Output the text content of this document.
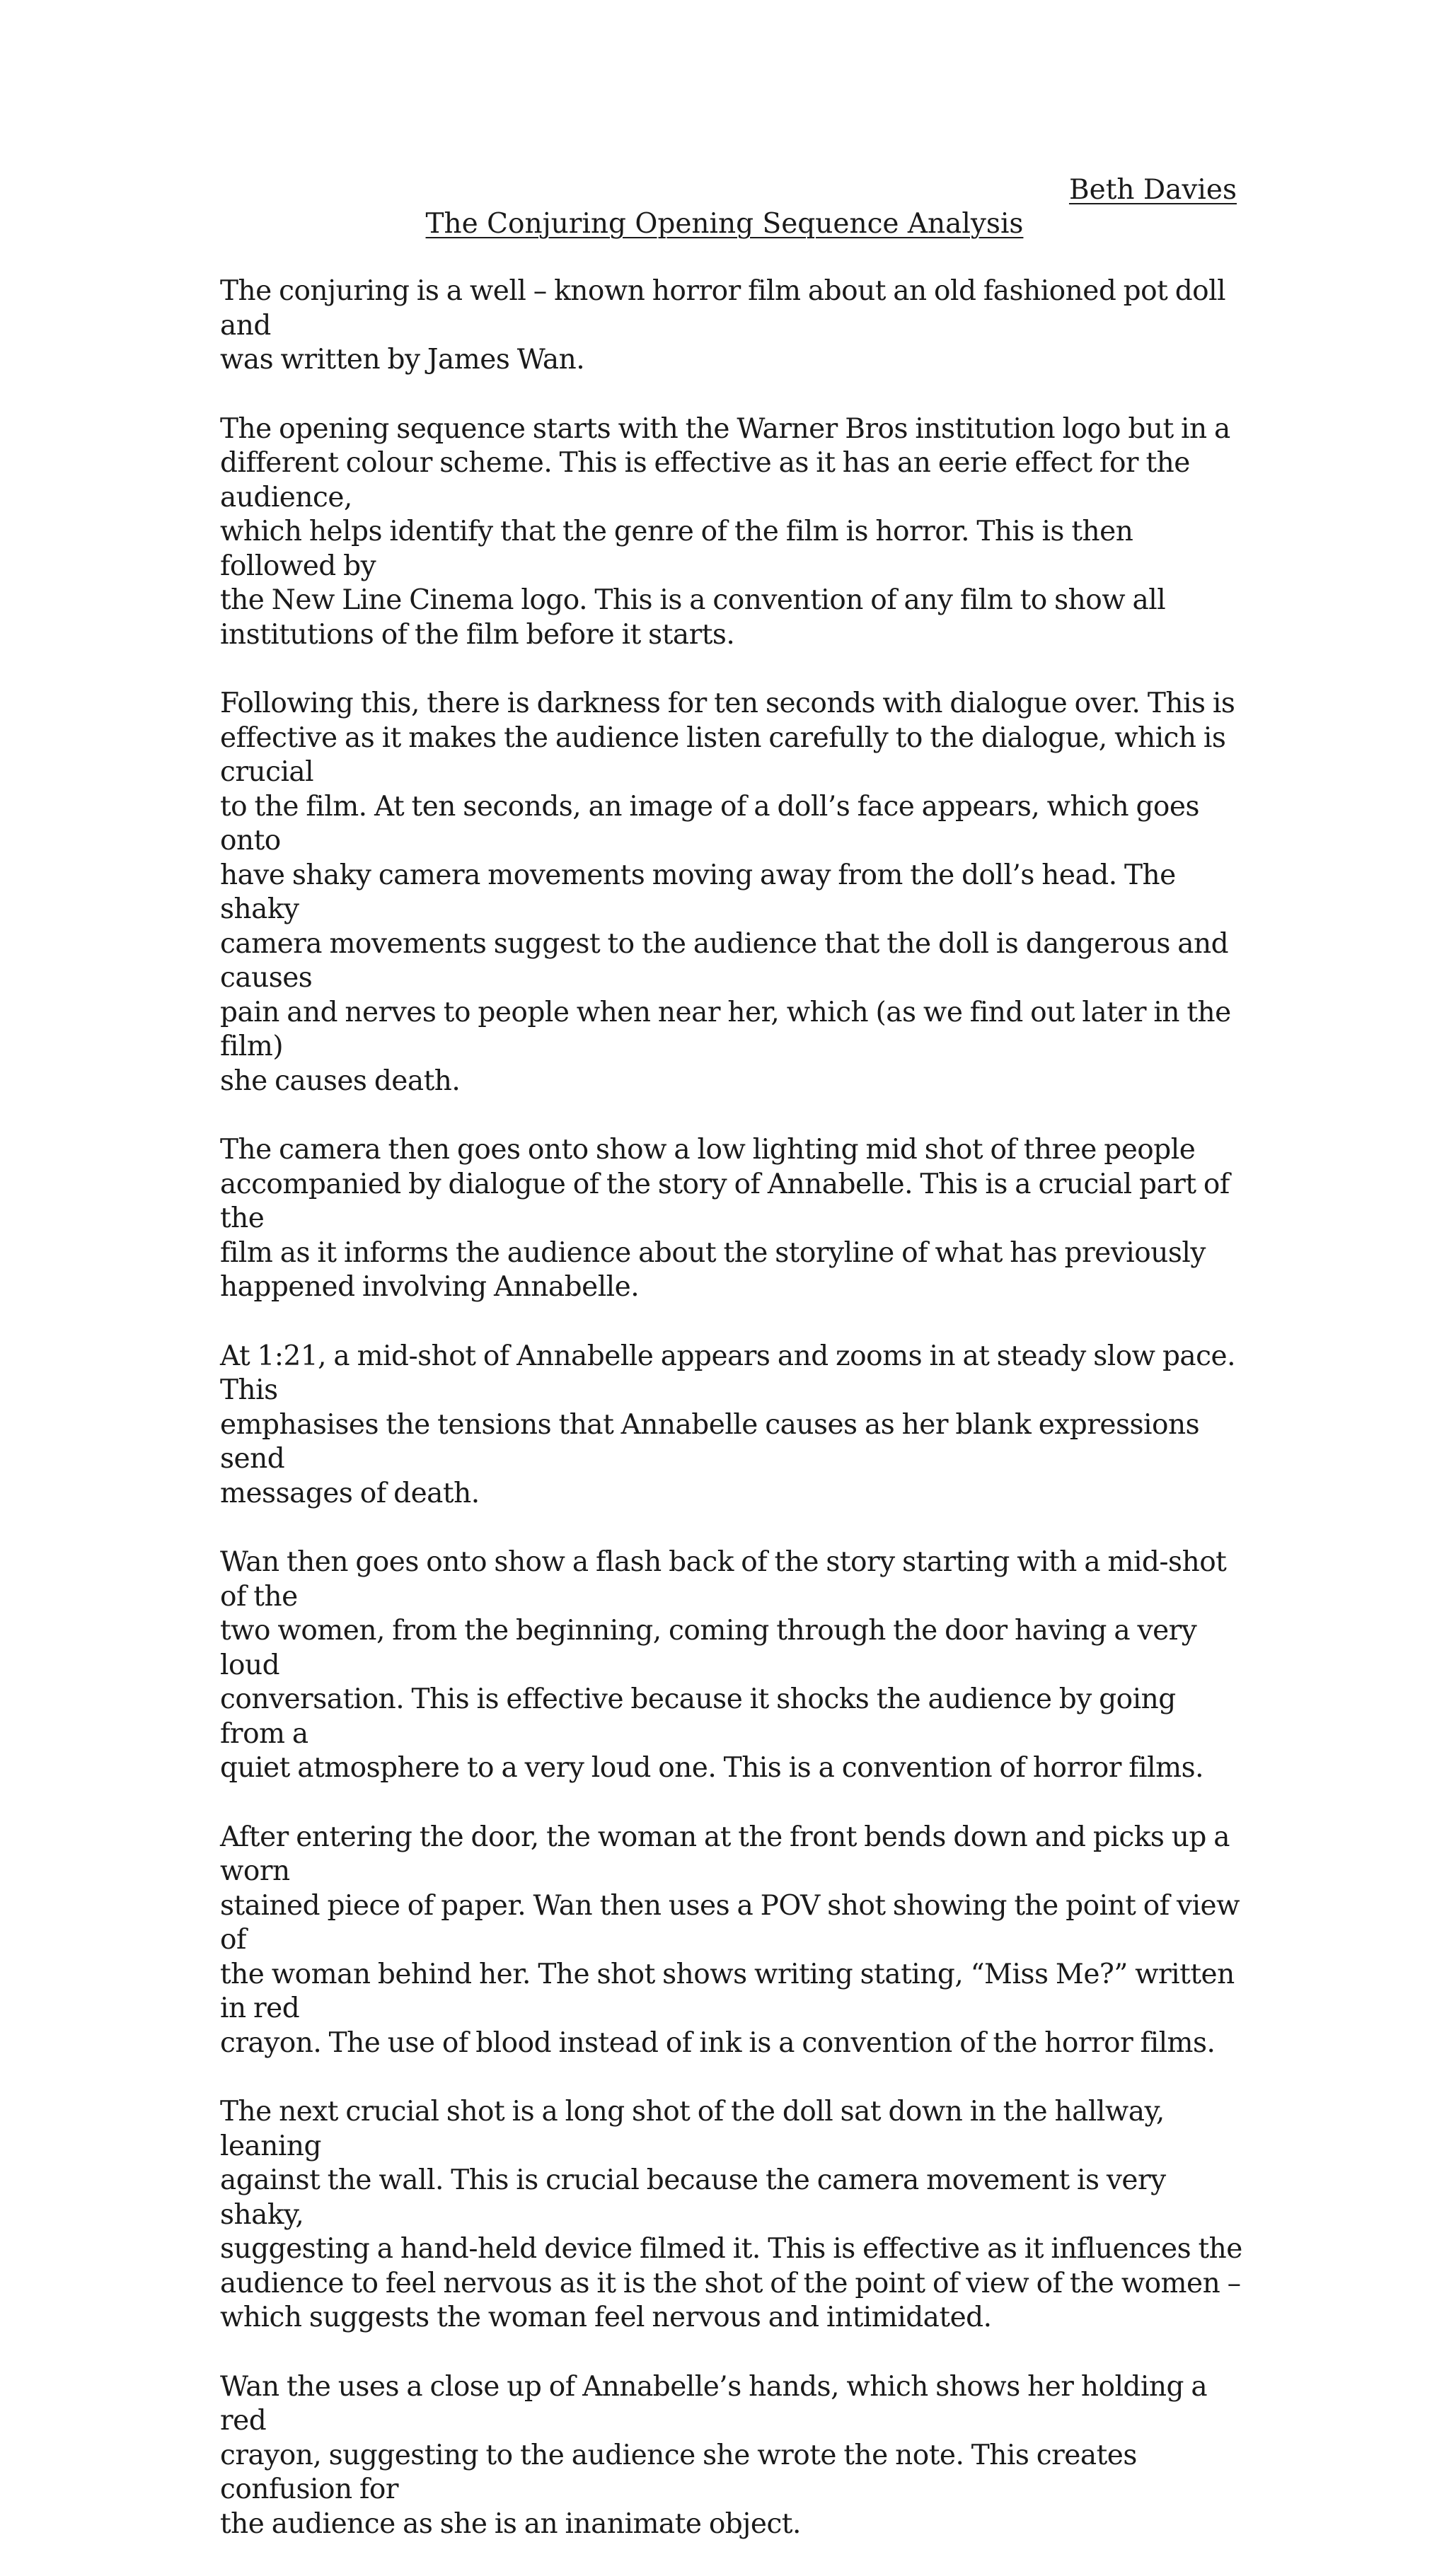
Beth Davies
The Conjuring Opening Sequence Analysis

The conjuring is a well – known horror film about an old fashioned pot doll and
was written by James Wan.

The opening sequence starts with the Warner Bros institution logo but in a
different colour scheme. This is effective as it has an eerie effect for the audience,
which helps identify that the genre of the film is horror. This is then followed by
the New Line Cinema logo. This is a convention of any film to show all
institutions of the film before it starts.

Following this, there is darkness for ten seconds with dialogue over. This is
effective as it makes the audience listen carefully to the dialogue, which is crucial
to the film. At ten seconds, an image of a doll’s face appears, which goes onto
have shaky camera movements moving away from the doll’s head. The shaky
camera movements suggest to the audience that the doll is dangerous and causes
pain and nerves to people when near her, which (as we find out later in the film)
she causes death.

The camera then goes onto show a low lighting mid shot of three people
accompanied by dialogue of the story of Annabelle. This is a crucial part of the
film as it informs the audience about the storyline of what has previously
happened involving Annabelle.

At 1:21, a mid-shot of Annabelle appears and zooms in at steady slow pace. This
emphasises the tensions that Annabelle causes as her blank expressions send
messages of death.

Wan then goes onto show a flash back of the story starting with a mid-shot of the
two women, from the beginning, coming through the door having a very loud
conversation. This is effective because it shocks the audience by going from a
quiet atmosphere to a very loud one. This is a convention of horror films.

After entering the door, the woman at the front bends down and picks up a worn
stained piece of paper. Wan then uses a POV shot showing the point of view of
the woman behind her. The shot shows writing stating, “Miss Me?” written in red
crayon. The use of blood instead of ink is a convention of the horror films.

The next crucial shot is a long shot of the doll sat down in the hallway, leaning
against the wall. This is crucial because the camera movement is very shaky,
suggesting a hand-held device filmed it. This is effective as it influences the
audience to feel nervous as it is the shot of the point of view of the women –
which suggests the woman feel nervous and intimidated.

Wan the uses a close up of Annabelle’s hands, which shows her holding a red
crayon, suggesting to the audience she wrote the note. This creates confusion for
the audience as she is an inanimate object.
